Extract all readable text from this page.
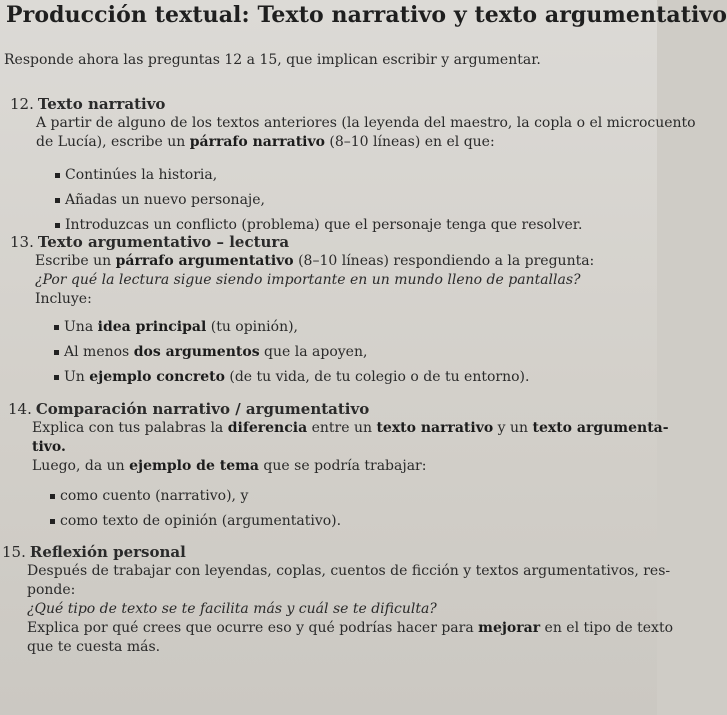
Producción textual: Texto narrativo y texto argumentativo
Responde ahora las preguntas 12 a 15, que implican escribir y argumentar.
12. Texto narrativo
A partir de alguno de los textos anteriores (la leyenda del maestro, la copla o el microcuento
de Lucía), escribe un párrafo narrativo (8–10 líneas) en el que:
Continúes la historia,
Añadas un nuevo personaje,
Introduzcas un conflicto (problema) que el personaje tenga que resolver.
13. Texto argumentativo – lectura
Escribe un párrafo argumentativo (8–10 líneas) respondiendo a la pregunta:
¿Por qué la lectura sigue siendo importante en un mundo lleno de pantallas?
Incluye:
Una idea principal (tu opinión),
Al menos dos argumentos que la apoyen,
Un ejemplo concreto (de tu vida, de tu colegio o de tu entorno).
14. Comparación narrativo / argumentativo
Explica con tus palabras la diferencia entre un texto narrativo y un texto argumenta-
tivo.
Luego, da un ejemplo de tema que se podría trabajar:
como cuento (narrativo), y
como texto de opinión (argumentativo).
15. Reflexión personal
Después de trabajar con leyendas, coplas, cuentos de ficción y textos argumentativos, res-
ponde:
¿Qué tipo de texto se te facilita más y cuál se te dificulta?
Explica por qué crees que ocurre eso y qué podrías hacer para mejorar en el tipo de texto
que te cuesta más.
